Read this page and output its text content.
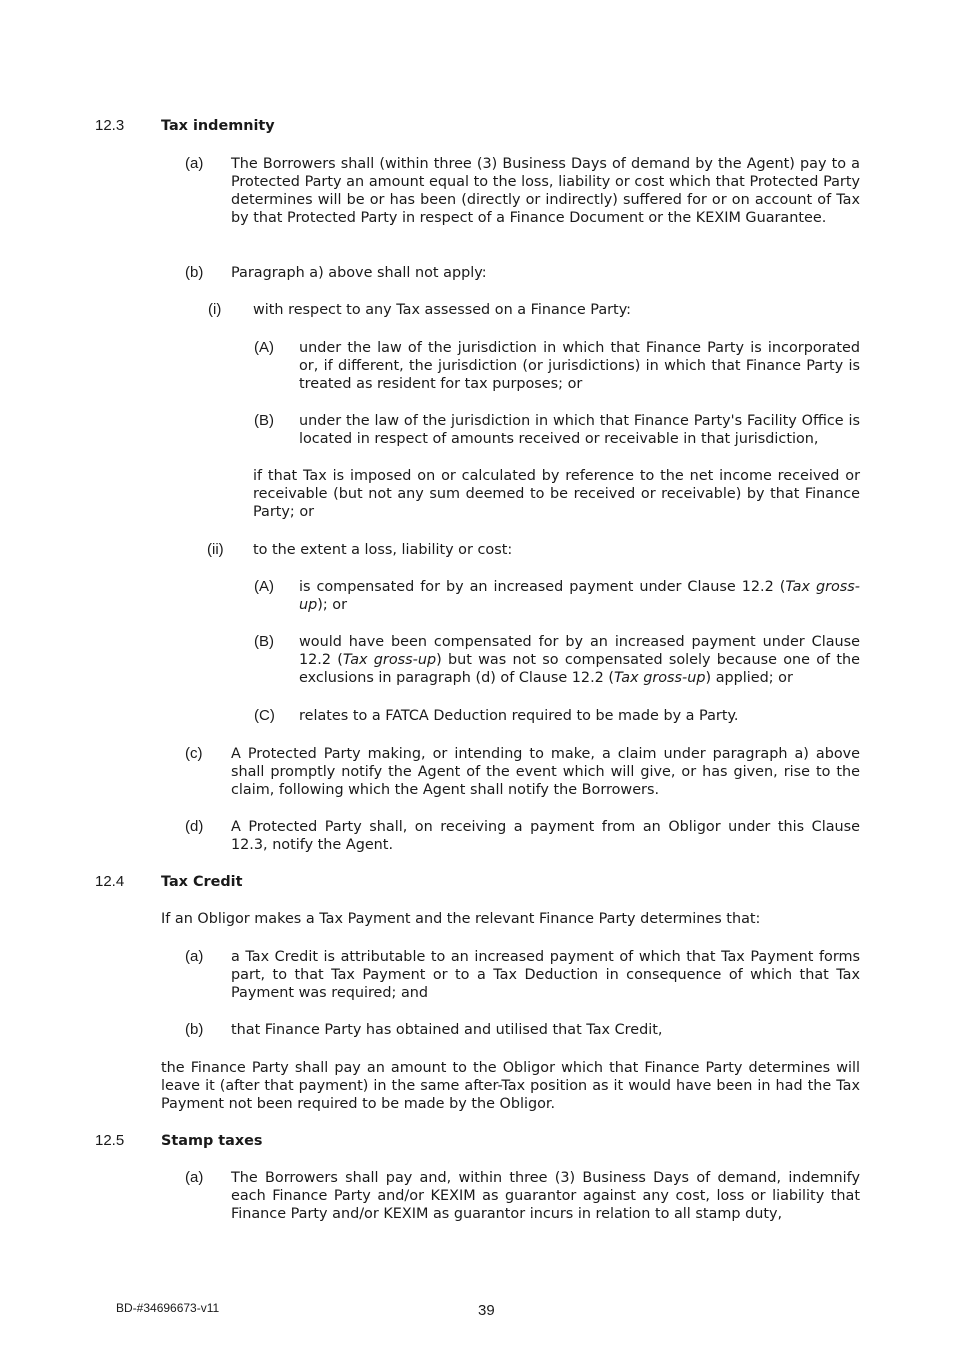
12.3	Tax indemnity
(a) The Borrowers shall (within three (3) Business Days of demand by the Agent) pay to a Protected Party an amount equal to the loss, liability or cost which that Protected Party determines will be or has been (directly or indirectly) suffered for or on account of Tax by that Protected Party in respect of a Finance Document or the KEXIM Guarantee.
(b) Paragraph a) above shall not apply:
(i) with respect to any Tax assessed on a Finance Party:
(A) under the law of the jurisdiction in which that Finance Party is incorporated or, if different, the jurisdiction (or jurisdictions) in which that Finance Party is treated as resident for tax purposes; or
(B) under the law of the jurisdiction in which that Finance Party's Facility Office is located in respect of amounts received or receivable in that jurisdiction,
if that Tax is imposed on or calculated by reference to the net income received or receivable (but not any sum deemed to be received or receivable) by that Finance Party; or
(ii) to the extent a loss, liability or cost:
(A) is compensated for by an increased payment under Clause 12.2 (Tax gross-up); or
(B) would have been compensated for by an increased payment under Clause 12.2 (Tax gross-up) but was not so compensated solely because one of the exclusions in paragraph (d) of Clause 12.2 (Tax gross-up) applied; or
(C) relates to a FATCA Deduction required to be made by a Party.
(c) A Protected Party making, or intending to make, a claim under paragraph a) above shall promptly notify the Agent of the event which will give, or has given, rise to the claim, following which the Agent shall notify the Borrowers.
(d) A Protected Party shall, on receiving a payment from an Obligor under this Clause 12.3, notify the Agent.
12.4	Tax Credit
If an Obligor makes a Tax Payment and the relevant Finance Party determines that:
(a) a Tax Credit is attributable to an increased payment of which that Tax Payment forms part, to that Tax Payment or to a Tax Deduction in consequence of which that Tax Payment was required; and
(b) that Finance Party has obtained and utilised that Tax Credit,
the Finance Party shall pay an amount to the Obligor which that Finance Party determines will leave it (after that payment) in the same after-Tax position as it would have been in had the Tax Payment not been required to be made by the Obligor.
12.5	Stamp taxes
(a) The Borrowers shall pay and, within three (3) Business Days of demand, indemnify each Finance Party and/or KEXIM as guarantor against any cost, loss or liability that Finance Party and/or KEXIM as guarantor incurs in relation to all stamp duty,
BD-#34696673-v11	39
